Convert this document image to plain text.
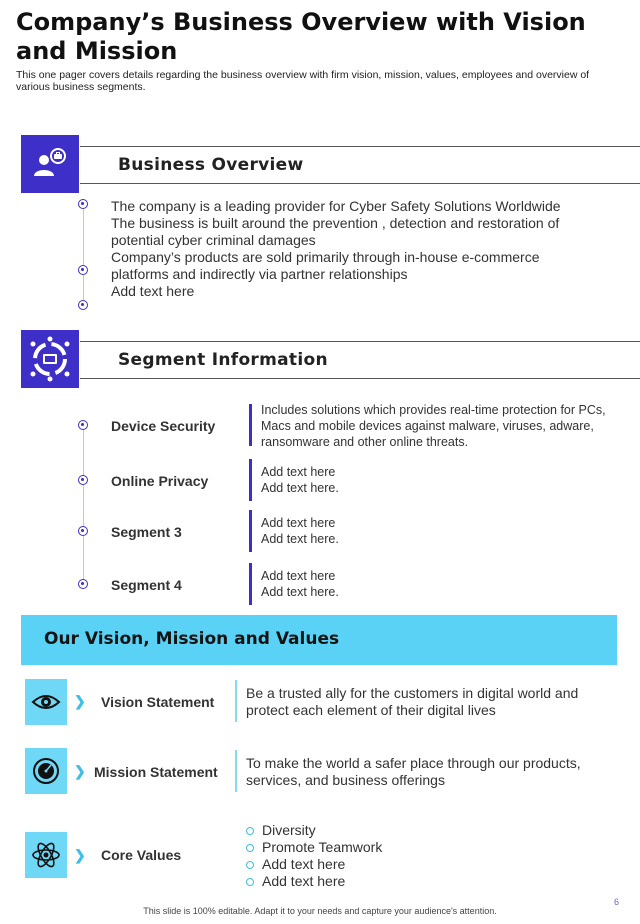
Company’s Business Overview with Vision and Mission
This one pager covers details regarding the business overview with firm vision, mission, values, employees and overview of various business segments.
Business Overview
The company is a leading provider for Cyber Safety Solutions Worldwide
The business is built around the prevention , detection and restoration of
potential cyber criminal damages
Company’s products are sold primarily through in-house e-commerce
platforms and indirectly via partner relationships
Add text here
Segment Information
Device Security
Includes solutions which provides real-time protection for PCs, Macs and mobile devices against malware, viruses, adware, ransomware and other online threats.
Online Privacy
Add text here
Add text here.
Segment 3
Add text here
Add text here.
Segment 4
Add text here
Add text here.
Our Vision, Mission and Values
❯ Vision Statement
Be a trusted ally for the customers in digital world and protect each element of their digital lives
❯ Mission Statement
To make the world a safer place through our products, services, and business offerings
❯ Core Values
Diversity
Promote Teamwork
Add text here
Add text here
6
This slide is 100% editable. Adapt it to your needs and capture your audience's attention.
